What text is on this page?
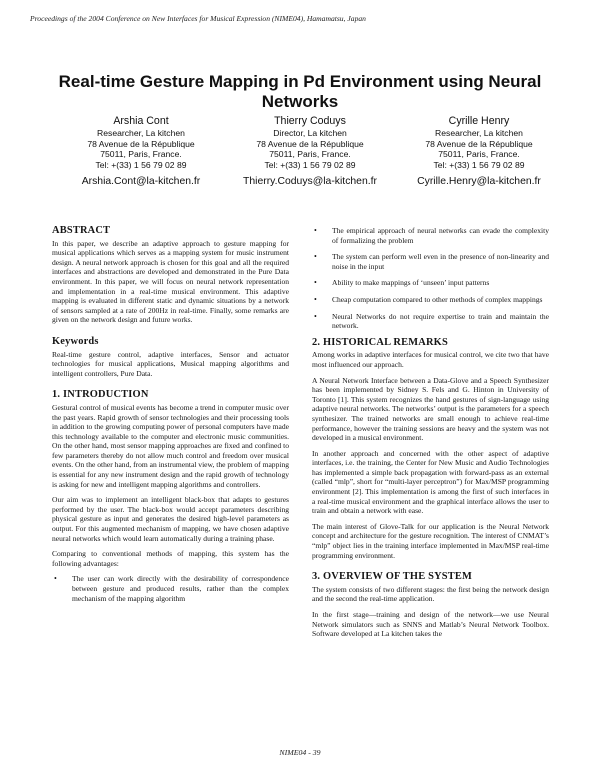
Proceedings of the 2004 Conference on New Interfaces for Musical Expression (NIME04), Hamamatsu, Japan
Real-time Gesture Mapping in Pd Environment using Neural Networks
Arshia Cont
Researcher, La kitchen
78 Avenue de la République
75011, Paris, France.
Tel: +(33) 1 56 79 02 89
Arshia.Cont@la-kitchen.fr
Thierry Coduys
Director, La kitchen
78 Avenue de la République
75011, Paris, France.
Tel: +(33) 1 56 79 02 89
Thierry.Coduys@la-kitchen.fr
Cyrille Henry
Researcher, La kitchen
78 Avenue de la République
75011, Paris, France.
Tel: +(33) 1 56 79 02 89
Cyrille.Henry@la-kitchen.fr
ABSTRACT

In this paper, we describe an adaptive approach to gesture mapping for musical applications which serves as a mapping system for music instrument design. A neural network approach is chosen for this goal and all the required interfaces and abstractions are developed and demonstrated in the Pure Data environment. In this paper, we will focus on neural network representation and implementation in a real-time musical environment. This adaptive mapping is evaluated in different static and dynamic situations by a network of sensors sampled at a rate of 200Hz in real-time. Finally, some remarks are given on the network design and future works.

Keywords

Real-time gesture control, adaptive interfaces, Sensor and actuator technologies for musical applications, Musical mapping algorithms and intelligent controllers, Pure Data.

1. INTRODUCTION

Gestural control of musical events has become a trend in computer music over the past years. Rapid growth of sensor technologies and their processing tools in addition to the growing computing power of personal computers have made this technology available to the computer and electronic music communities. On the other hand, most sensor mapping approaches are fixed and confined to few parameters thereby do not allow much control and freedom over musical events. On the other hand, from an instrumental view, the problem of mapping is essential for any new instrument design and the rapid growth of technology is asking for new and intelligent mapping algorithms and controllers.

Our aim was to implement an intelligent black-box that adapts to gestures performed by the user. The black-box would accept parameters describing physical gesture as input and generates the desired high-level parameters as output. For this augmented mechanism of mapping, we have chosen adaptive neural networks which would learn automatically during a training phase.

Comparing to conventional methods of mapping, this system has the following advantages:

• The user can work directly with the desirability of correspondence between gesture and produced results, rather than the complex mechanism of the mapping algorithm
• The empirical approach of neural networks can evade the complexity of formalizing the problem
• The system can perform well even in the presence of non-linearity and noise in the input
• Ability to make mappings of ‘unseen’ input patterns
• Cheap computation compared to other methods of complex mappings
• Neural Networks do not require expertise to train and maintain the network.
2. HISTORICAL REMARKS

Among works in adaptive interfaces for musical control, we cite two that have most influenced our approach.

A Neural Network Interface between a Data-Glove and a Speech Synthesizer has been implemented by Sidney S. Fels and G. Hinton in University of Toronto [1]. This system recognizes the hand gestures of sign-language using adaptive neural networks. The networks’ output is the parameters for a speech synthesizer. The trained networks are small enough to achieve real-time performance, however the training sessions are heavy and the system was not developed in a musical environment.

In another approach and concerned with the other aspect of adaptive interfaces, i.e. the training, the Center for New Music and Audio Technologies has implemented a simple back propagation with forward-pass as an external (called “mlp”, short for “multi-layer perceptron”) for Max/MSP programming environment [2]. This implementation is among the first of such interfaces in a real-time musical environment and the graphical interface allows the user to train and obtain a network with ease.

The main interest of Glove-Talk for our application is the Neural Network concept and architecture for the gesture recognition. The interest of CNMAT’s “mlp” object lies in the training interface implemented in Max/MSP real-time programming environment.

3. OVERVIEW OF THE SYSTEM

The system consists of two different stages: the first being the network design and the second the real-time application.

In the first stage—training and design of the network—we use Neural Network simulators such as SNNS and Matlab’s Neural Network Toolbox. Software developed at La kitchen takes the

NIME04 - 39
